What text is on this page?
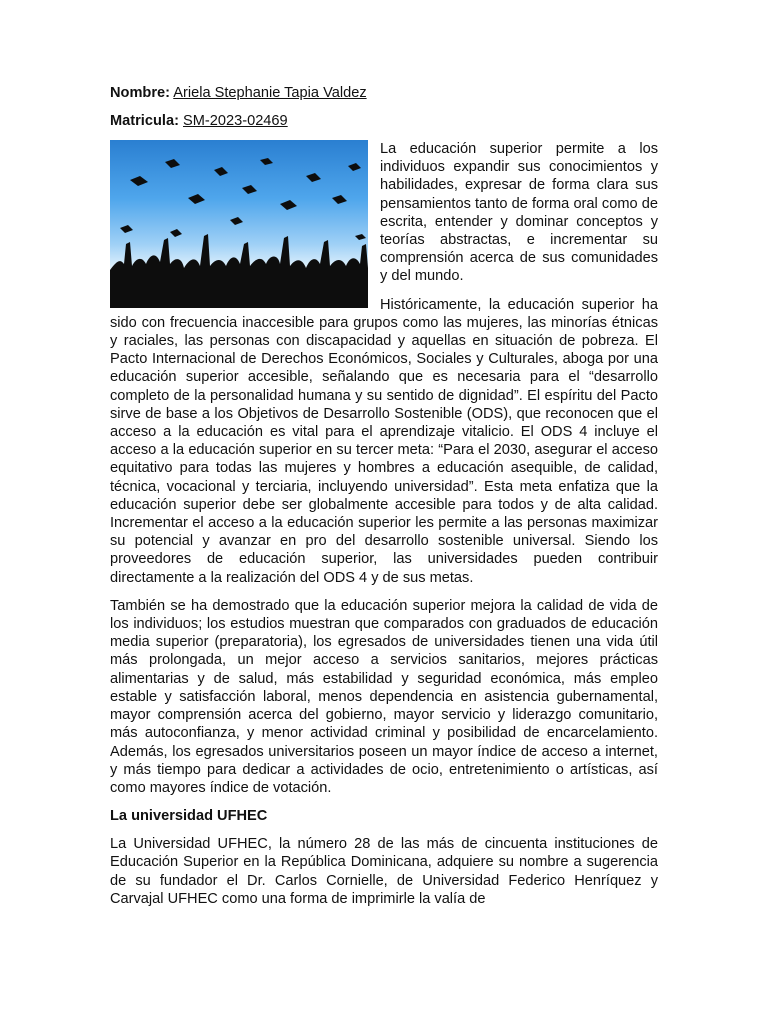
Nombre: Ariela Stephanie Tapia Valdez

Matricula: SM-2023-02469

La educación superior permite a los individuos expandir sus conocimientos y habilidades, expresar de forma clara sus pensamientos tanto de forma oral como de escrita, entender y dominar conceptos y teorías abstractas, e incrementar su comprensión acerca de sus comunidades y del mundo.

Históricamente, la educación superior ha sido con frecuencia inaccesible para grupos como las mujeres, las minorías étnicas y raciales, las personas con discapacidad y aquellas en situación de pobreza. El Pacto Internacional de Derechos Económicos, Sociales y Culturales, aboga por una educación superior accesible, señalando que es necesaria para el “desarrollo completo de la personalidad humana y su sentido de dignidad”. El espíritu del Pacto sirve de base a los Objetivos de Desarrollo Sostenible (ODS), que reconocen que el acceso a la educación es vital para el aprendizaje vitalicio. El ODS 4 incluye el acceso a la educación superior en su tercer meta: “Para el 2030, asegurar el acceso equitativo para todas las mujeres y hombres a educación asequible, de calidad, técnica, vocacional y terciaria, incluyendo universidad”. Esta meta enfatiza que la educación superior debe ser globalmente accesible para todos y de alta calidad. Incrementar el acceso a la educación superior les permite a las personas maximizar su potencial y avanzar en pro del desarrollo sostenible universal. Siendo los proveedores de educación superior, las universidades pueden contribuir directamente a la realización del ODS 4 y de sus metas.

También se ha demostrado que la educación superior mejora la calidad de vida de los individuos; los estudios muestran que comparados con graduados de educación media superior (preparatoria), los egresados de universidades tienen una vida útil más prolongada, un mejor acceso a servicios sanitarios, mejores prácticas alimentarias y de salud, más estabilidad y seguridad económica, más empleo estable y satisfacción laboral, menos dependencia en asistencia gubernamental, mayor comprensión acerca del gobierno, mayor servicio y liderazgo comunitario, más autoconfianza, y menor actividad criminal y posibilidad de encarcelamiento. Además, los egresados universitarios poseen un mayor índice de acceso a internet, y más tiempo para dedicar a actividades de ocio, entretenimiento o artísticas, así como mayores índice de votación.

La universidad UFHEC

La Universidad UFHEC, la número 28 de las más de cincuenta instituciones de Educación Superior en la República Dominicana, adquiere su nombre a sugerencia de su fundador el Dr. Carlos Cornielle, de Universidad Federico Henríquez y Carvajal UFHEC como una forma de imprimirle la valía de
